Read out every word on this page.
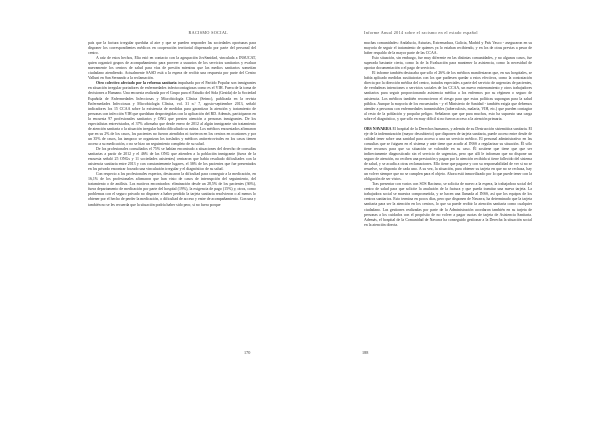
RACISMO SOCIAL

país que la factura irregular quedaba al aire y que se pueden responder las sociedades oportunas para disponer los correspondientes médicos en cooperación territorial dispensado por parte del personal del centro.

A raíz de estos hechos, Elia estó en contacto con la agrupación JovSanidad, vinculada a INSUCAT, quien organizó grupos de acompañamiento para proveer a usuarios de los servicios sanitarios y evaluar nuevamente los centros de salud para vías de presión mientras que las medios sanitarios sometían ciudadano atendiendo. Actualmente SASD está a la espera de recibir una respuesta por parte del Centro Valluni en San Sernando a la reclamación.

Otro colectivo afectado por la reforma sanitaria impulsada por el Partido Popular son inmigrantes en situación irregular portadores de enfermedades infectocontagiosas como es el VIH. Fuera de la toma de decisiones a Humano. Una encuesta realizada por el Grupo para el Estudio del Sida (Gesida) de la Sociedad Española de Enfermedades Infecciosas y Microbiología Clínica (Seimc), publicada en la revista Enfermedades Infecciosas y Microbiología Clínica, vol. 31 n.º 7, agosto-septiembre 2013, señaló indicadores los 15 CCAA sobre la existencia de medidas para garantizar la atención y tratamiento de personas con infección VIH que quedaban desprotegidas con la aplicación del RD. Además, participaron en la encuesta 97 profesionales sanitarios y ONG que presten atención a personas inmigrantes. De los especialistas entrevistados, el 37% afirmaba que desde enero de 2012 al algún inmigrante sin tratamiento de atención sanitaria o la situación irregular había dificultado su rutina. Los médicos encuestados afirmaron que en su 2% de los casos, los pacientes no fueron atendidos ni tuvieron en los centros en ocasiones y por un 35% de casos, las tampoco se organizan los traslados y médicos antirretrovirales en los casos tienen acceso a su medicación, o no se hizo un seguimiento completo de su salud.

De los profesionales consultados el 75% se habían encontrado a situaciones del derecho de consultas sanitarias a partir de 2012 y el 46% de las ONG que atienden a la población inmigrante (fuera de la encuesta señaló 25 ONGs y 11 sociedades asistentes) centraron que había resultado dificultades con la asistencia sanitaria entre 2013 y con constantemente lugares, el 36% de los pacientes que fue presentados en los privado encontrar forzado una vinculación irregular y el diagnóstico de su salud.

Con respecto a los profesionales expertos, destacaron la dificultad para conseguir a la medicación, en 16,1% de los profesionales afirmaron que han visto de casos de interrupción del seguimiento, del tratamiento o de análisis. Los motivos encontrados: eliminación desde un 28,5% de los pacientes (36%), fuera departamento de medicación por parte del hospital (19%), la exigencia de pago (15%) y, otros, como problemas con el seguro privado no disponer a haber perdido la tarjeta sanitaria resolvieron o al menos lo obtener por el hecho de perder la medicación, o dificultad de acceso y entre de acompañamiento. Con una y también no se les recuerda que la situación podría haber sido peor, si no fuera porque

170
Informe Anual 2014 sobre el racismo en el estado español

muchas comunidades: Andalucía, Asturias, Extremadura, Galicia, Madrid y País Vasco - aseguraron en su mayoría de seguir el tratamiento de quienes ya lo estaban recibiendo, y en los de otras previas a pesar de haber respaldo de la mayor parte de las CCAA.

Esto situación, sin embargo, fue muy diferente en las distintas comunidades, y no algunos casos, fue superada bastante cierta, como la de la Evaluación para mantener la asistencia, como la necesidad de aportar documentación o el pago de servicios.

El informe también destacaba que sólo el 26% de los médicos manifestaron que, en sus hospitales, se había aplicado medidas sustitutorias con los que pudiesen quedar a estos efectivos, como la contratación directa por la dirección médica del centro, tratados especiales a parte del servicio de urgencias de pacientes, de verdaderas intenciones o servicios sociales de los CCAA, un nuevo entrenamiento y otros trabajadores sanitarios para seguir proporcionando asistencia médica a los enfermos por su régimen o seguro de asistencia. Los médicos también reconocieron el riesgo para que estas políticas supongan para la salud pública. Aunque la mayoría de los encuestados - y el Ministerio de Sanidad - también exigía que debemos atender a personas con enfermedades transmisibles (tuberculosis, malaria, VIH, etc.) que pueden contagiar al resto de la población y propalar peligro. Señalaron que que para muchos, esto ha supuesto una carga sobre el diagnóstico, y que sólo en muy difícil si no fueron acceso a la atención primaria.

OBS NAVARRA El hospital de la Derechos humanos, y además de su Destrucción sistemática sanitaria. El eje de la indemnización (mayor descubierto) que disponen de tarjeta sanitaria, puede acceso entre desde de calidad tener sobre una sanidad para acceso a una un servicio médico. El personal administrativo en las consultas que se fuiguen en el sistema y ante tiene que acudir al INSS a regularizar su situación. Él sólo tiene recursos para que su situación se valorable en su caso. Él sostiene que tiene que que ser indirectamente diagnosticado sin el servicio de urgencias, pero que allí le informan que no dispone un seguro de atención, no reciben una prestación y pagan por la atención recibida si tiene fallecido del sistema de salud, y se acudía a otras reclamaciones. Ello tiene que pagarse y con su responsabilidad de ver si no se resuelve, se disponía de cada uno. A su vez, la situación, para obtener su tarjeta en que no se rechaza, hay un volver siempre que no se cumplen para el objeto. Ahora está inmovilizado por lo que puede tener con la obligación de ser vistos.

Tras presentar con varios con SOS Racismo, se solicita de nuevo a la espera, la trabajadora social del centro de salud para que solicite la anulación de la factura y que pueda tramitar una nueva tarjeta. La trabajadora social se muestra comprometida, y se hacen una llamada al INSS, así que los equipos de los centros sanitarios. Esto termina en pocos días, pero que disponen de Navarra, ha determinado que la tarjeta sanitaria para ser la atención en los centros, lo que su puede recibir la atención sanitaria como cualquier ciudadano. Las gestiones realizadas por parte de la Administración acordaron también en su tarjeta de personas a los cuidados con el propósito de no volver a pagar cuotas de tarjeta de Asistencia Sanitaria. Además, el hospital de la Comunidad de Navarra ha conseguido gestionar a la Derecha la situación social en la atención directa.

188
